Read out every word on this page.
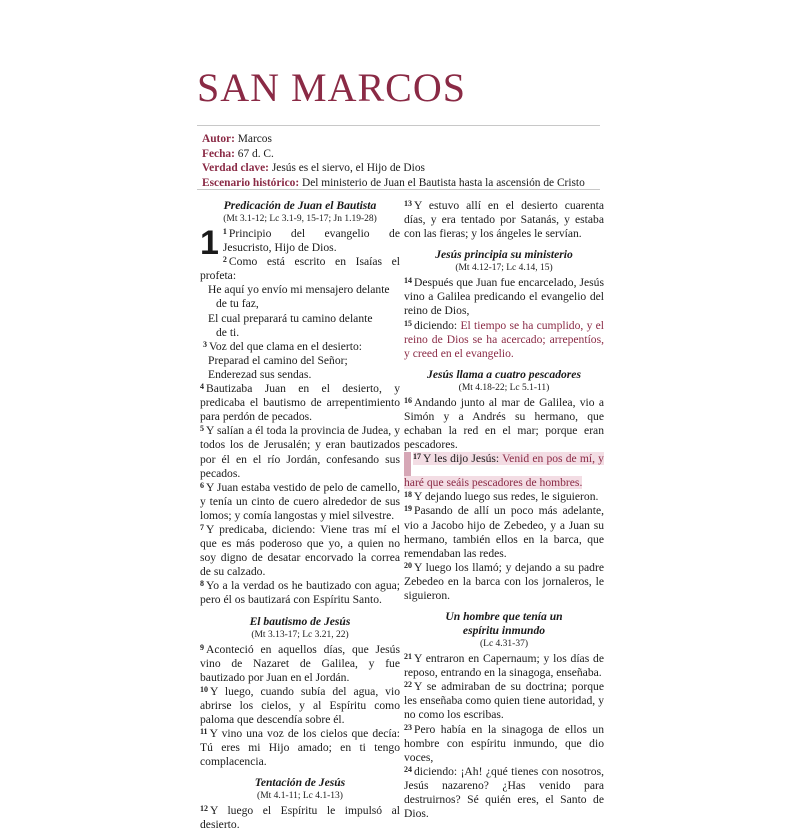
SAN MARCOS
Autor: Marcos
Fecha: 67 d. C.
Verdad clave: Jesús es el siervo, el Hijo de Dios
Escenario histórico: Del ministerio de Juan el Bautista hasta la ascensión de Cristo
Predicación de Juan el Bautista
(Mt 3.1-12; Lc 3.1-9, 15-17; Jn 1.19-28)

1 $^1$ Principio del evangelio de Jesucristo, Hijo de Dios.

$^2$ Como está escrito en Isaías el profeta:

He aquí yo envío mi mensajero delante

de tu faz,

El cual preparará tu camino delante

de ti.

$^3$ Voz del que clama en el desierto:

Preparad el camino del Señor;

Enderezad sus sendas.

$^4$ Bautizaba Juan en el desierto, y predicaba el bautismo de arrepentimiento para perdón de pecados.

$^5$ Y salían a él toda la provincia de Judea, y todos los de Jerusalén; y eran bautizados por él en el río Jordán, confesando sus pecados.

$^6$ Y Juan estaba vestido de pelo de camello, y tenía un cinto de cuero alrededor de sus lomos; y comía langostas y miel silvestre.

$^7$ Y predicaba, diciendo: Viene tras mí el que es más poderoso que yo, a quien no soy digno de desatar encorvado la correa de su calzado.

$^8$ Yo a la verdad os he bautizado con agua; pero él os bautizará con Espíritu Santo.

El bautismo de Jesús
(Mt 3.13-17; Lc 3.21, 22)

$^9$ Aconteció en aquellos días, que Jesús vino de Nazaret de Galilea, y fue bautizado por Juan en el Jordán.

$^{10}$ Y luego, cuando subía del agua, vio abrirse los cielos, y al Espíritu como paloma que descendía sobre él.

$^{11}$ Y vino una voz de los cielos que decía: Tú eres mi Hijo amado; en ti tengo complacencia.

Tentación de Jesús
(Mt 4.1-11; Lc 4.1-13)

$^{12}$ Y luego el Espíritu le impulsó al desierto.

$^{13}$ Y estuvo allí en el desierto cuarenta días, y era tentado por Satanás, y estaba con las fieras; y los ángeles le servían.

Jesús principia su ministerio
(Mt 4.12-17; Lc 4.14, 15)

$^{14}$ Después que Juan fue encarcelado, Jesús vino a Galilea predicando el evangelio del reino de Dios,

$^{15}$ diciendo: El tiempo se ha cumplido, y el reino de Dios se ha acercado; arrepentíos, y creed en el evangelio.

Jesús llama a cuatro pescadores
(Mt 4.18-22; Lc 5.1-11)

$^{16}$ Andando junto al mar de Galilea, vio a Simón y a Andrés su hermano, que echaban la red en el mar; porque eran pescadores.

$^{17}$ Y les dijo Jesús: Venid en pos de mí, y haré que seáis pescadores de hombres.

$^{18}$ Y dejando luego sus redes, le siguieron.

$^{19}$ Pasando de allí un poco más adelante, vio a Jacobo hijo de Zebedeo, y a Juan su hermano, también ellos en la barca, que remendaban las redes.

$^{20}$ Y luego los llamó; y dejando a su padre Zebedeo en la barca con los jornaleros, le siguieron.

Un hombre que tenía un
espíritu inmundo
(Lc 4.31-37)

$^{21}$ Y entraron en Capernaum; y los días de reposo, entrando en la sinagoga, enseñaba.

$^{22}$ Y se admiraban de su doctrina; porque les enseñaba como quien tiene autoridad, y no como los escribas.

$^{23}$ Pero había en la sinagoga de ellos un hombre con espíritu inmundo, que dio voces,

$^{24}$ diciendo: ¡Ah! ¿qué tienes con nosotros, Jesús nazareno? ¿Has venido para destruirnos? Sé quién eres, el Santo de Dios.
